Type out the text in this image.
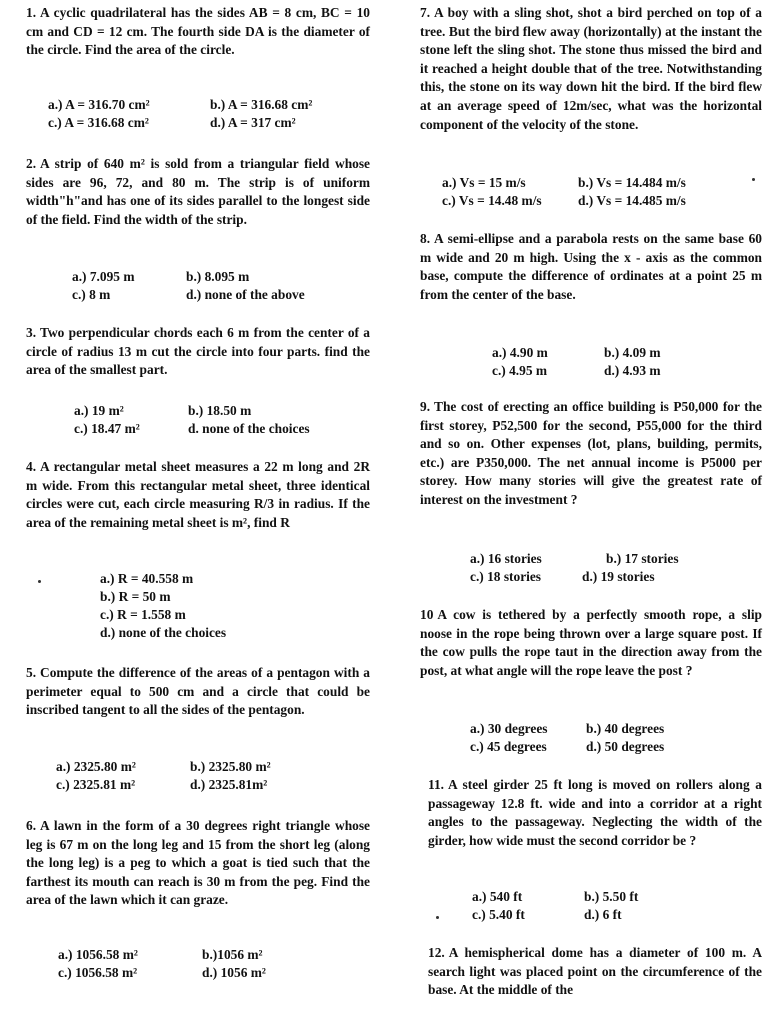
1. A cyclic quadrilateral has the sides AB = 8 cm, BC = 10 cm and CD = 12 cm. The fourth side DA is the diameter of the circle. Find the area of the circle.

a.) A = 316.70 cm²	b.) A = 316.68 cm²
c.) A = 316.68 cm²	d.) A = 317 cm²

2. A strip of 640 m² is sold from a triangular field whose sides are 96, 72, and 80 m. The strip is of uniform width"h"and has one of its sides parallel to the longest side of the field. Find the width of the strip.

a.) 7.095 m	b.) 8.095 m
c.) 8 m	d.) none of the above

3. Two perpendicular chords each 6 m from the center of a circle of radius 13 m cut the circle into four parts. find the area of the smallest part.

a.) 19 m²	b.) 18.50 m
c.) 18.47 m²	d. none of the choices

4. A rectangular metal sheet measures a 22 m long and 2R m wide. From this rectangular metal sheet, three identical circles were cut, each circle measuring R/3 in radius. If the area of the remaining metal sheet is m², find R

a.) R = 40.558 m
b.) R = 50 m
c.) R = 1.558 m
d.) none of the choices

5. Compute the difference of the areas of a pentagon with a perimeter equal to 500 cm and a circle that could be inscribed tangent to all the sides of the pentagon.

a.) 2325.80 m²	b.) 2325.80 m²
c.) 2325.81 m²	d.) 2325.81m²

6. A lawn in the form of a 30 degrees right triangle whose leg is 67 m on the long leg and 15 from the short leg (along the long leg) is a peg to which a goat is tied such that the farthest its mouth can reach is 30 m from the peg. Find the area of the lawn which it can graze.

a.) 1056.58 m²	b.)1056 m²
c.) 1056.58 m²	d.) 1056 m²

7. A boy with a sling shot, shot a bird perched on top of a tree. But the bird flew away (horizontally) at the instant the stone left the sling shot. The stone thus missed the bird and it reached a height double that of the tree. Notwithstanding this, the stone on its way down hit the bird. If the bird flew at an average speed of 12m/sec, what was the horizontal component of the velocity of the stone.

a.) Vs = 15 m/s	b.) Vs = 14.484 m/s
c.) Vs = 14.48 m/s	d.) Vs = 14.485 m/s

8. A semi-ellipse and a parabola rests on the same base 60 m wide and 20 m high. Using the x - axis as the common base, compute the difference of ordinates at a point 25 m from the center of the base.

a.) 4.90 m	b.) 4.09 m
c.) 4.95 m	d.) 4.93 m

9. The cost of erecting an office building is P50,000 for the first storey, P52,500 for the second, P55,000 for the third and so on. Other expenses (lot, plans, building, permits, etc.) are P350,000. The net annual income is P5000 per storey. How many stories will give the greatest rate of interest on the investment ?

a.) 16 stories	b.) 17 stories
c.) 18 stories	d.) 19 stories

10 A cow is tethered by a perfectly smooth rope, a slip noose in the rope being thrown over a large square post. If the cow pulls the rope taut in the direction away from the post, at what angle will the rope leave the post ?

a.) 30 degrees	b.) 40 degrees
c.) 45 degrees	d.) 50 degrees

11. A steel girder 25 ft long is moved on rollers along a passageway 12.8 ft. wide and into a corridor at a right angles to the passageway. Neglecting the width of the girder, how wide must the second corridor be ?

a.) 540 ft	b.) 5.50 ft
c.) 5.40 ft	d.) 6 ft

12. A hemispherical dome has a diameter of 100 m. A search light was placed point on the circumference of the base. At the middle of the
